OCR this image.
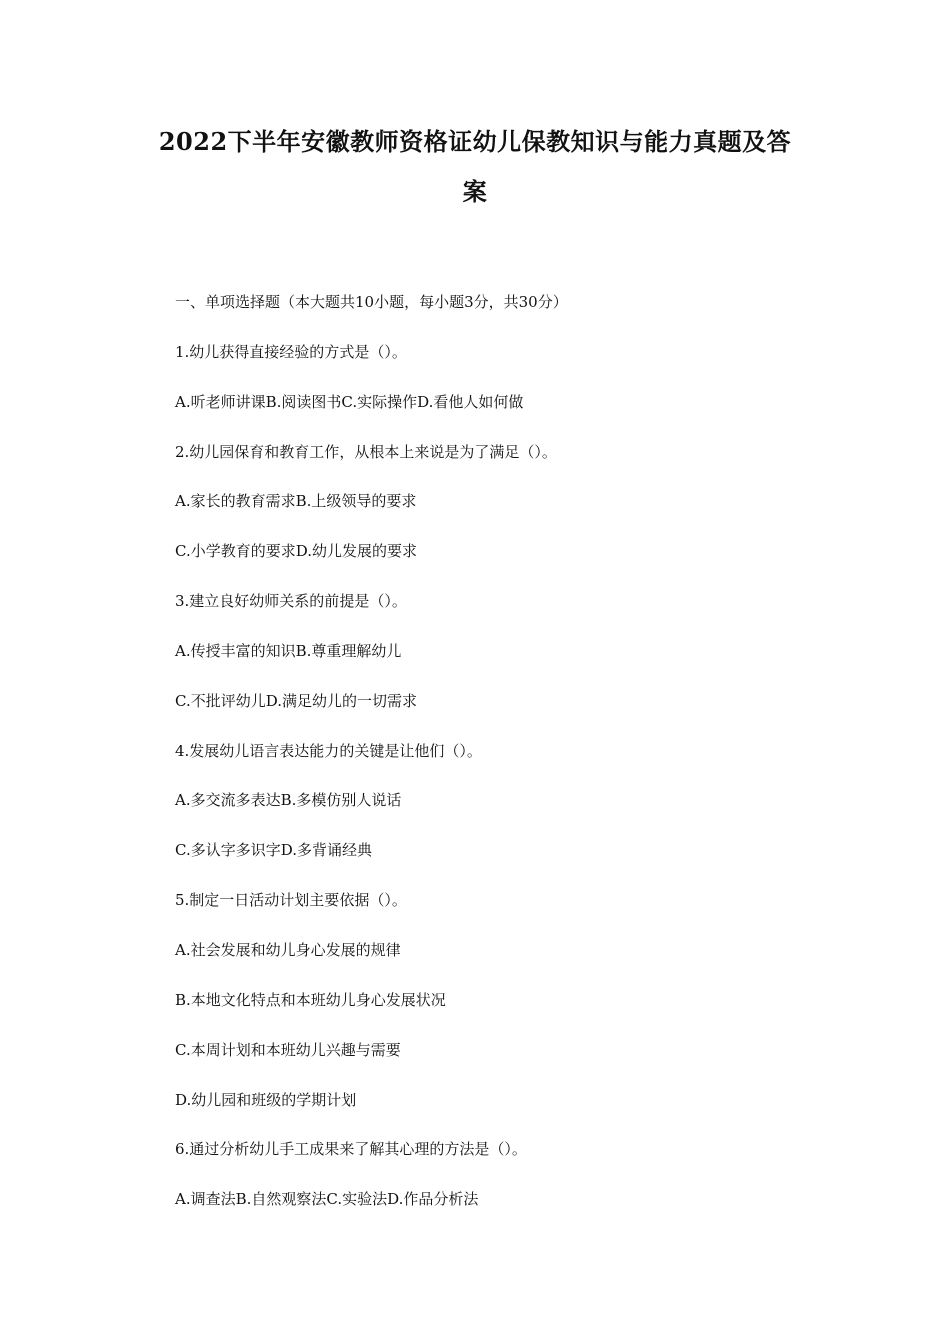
2022下半年安徽教师资格证幼儿保教知识与能力真题及答
案
一、单项选择题（本大题共10小题，每小题3分，共30分）
1.幼儿获得直接经验的方式是（）。
A.听老师讲课B.阅读图书C.实际操作D.看他人如何做
2.幼儿园保育和教育工作，从根本上来说是为了满足（）。
A.家长的教育需求B.上级领导的要求
C.小学教育的要求D.幼儿发展的要求
3.建立良好幼师关系的前提是（）。
A.传授丰富的知识B.尊重理解幼儿
C.不批评幼儿D.满足幼儿的一切需求
4.发展幼儿语言表达能力的关键是让他们（）。
A.多交流多表达B.多模仿别人说话
C.多认字多识字D.多背诵经典
5.制定一日活动计划主要依据（）。
A.社会发展和幼儿身心发展的规律
B.本地文化特点和本班幼儿身心发展状况
C.本周计划和本班幼儿兴趣与需要
D.幼儿园和班级的学期计划
6.通过分析幼儿手工成果来了解其心理的方法是（）。
A.调查法B.自然观察法C.实验法D.作品分析法
